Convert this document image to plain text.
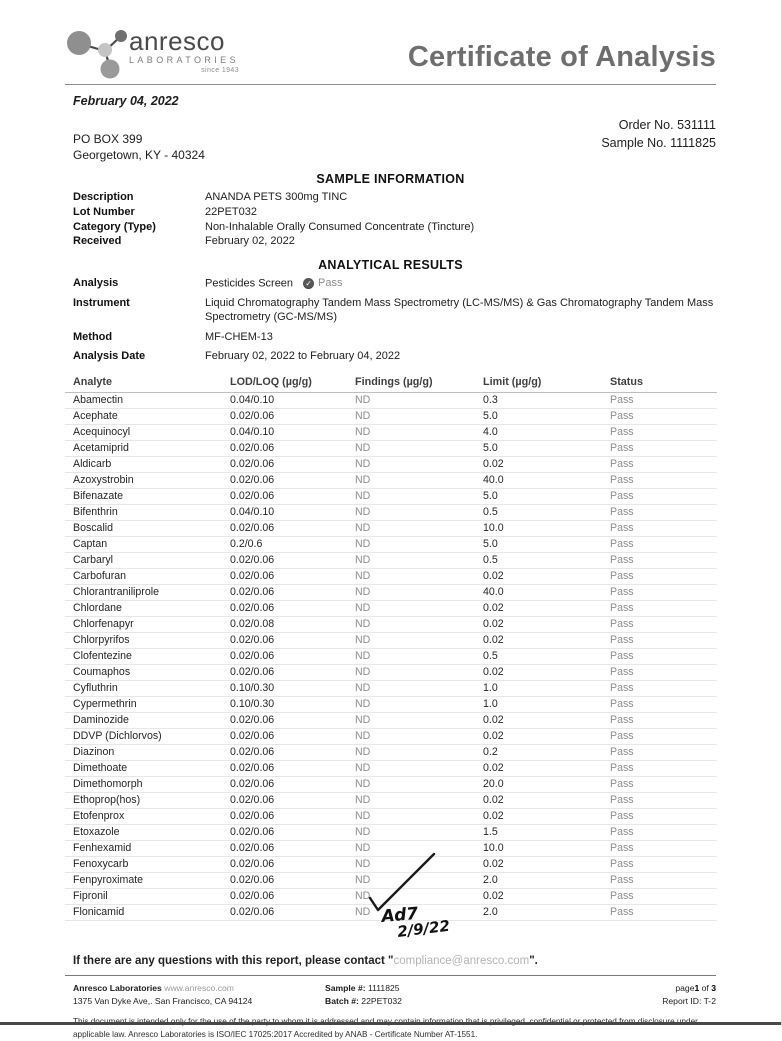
anresco
LABORATORIES
since 1943	Certificate of Analysis
February 04, 2022
Order No. 531111
Sample No. 1111825
PO BOX 399
Georgetown, KY - 40324
SAMPLE INFORMATION
Description	ANANDA PETS 300mg TINC
Lot Number	22PET032
Category (Type)	Non-Inhalable Orally Consumed Concentrate (Tincture)
Received	February 02, 2022
ANALYTICAL RESULTS
Analysis	Pesticides Screen ✓ Pass
Instrument	Liquid Chromatography Tandem Mass Spectrometry (LC-MS/MS) & Gas Chromatography Tandem Mass Spectrometry (GC-MS/MS)
Method	MF-CHEM-13
Analysis Date	February 02, 2022 to February 04, 2022
Analyte	LOD/LOQ (µg/g)	Findings (µg/g)	Limit (µg/g)	Status
Abamectin	0.04/0.10	ND	0.3	Pass
Acephate	0.02/0.06	ND	5.0	Pass
Acequinocyl	0.04/0.10	ND	4.0	Pass
Acetamiprid	0.02/0.06	ND	5.0	Pass
Aldicarb	0.02/0.06	ND	0.02	Pass
Azoxystrobin	0.02/0.06	ND	40.0	Pass
Bifenazate	0.02/0.06	ND	5.0	Pass
Bifenthrin	0.04/0.10	ND	0.5	Pass
Boscalid	0.02/0.06	ND	10.0	Pass
Captan	0.2/0.6	ND	5.0	Pass
Carbaryl	0.02/0.06	ND	0.5	Pass
Carbofuran	0.02/0.06	ND	0.02	Pass
Chlorantraniliprole	0.02/0.06	ND	40.0	Pass
Chlordane	0.02/0.06	ND	0.02	Pass
Chlorfenapyr	0.02/0.08	ND	0.02	Pass
Chlorpyrifos	0.02/0.06	ND	0.02	Pass
Clofentezine	0.02/0.06	ND	0.5	Pass
Coumaphos	0.02/0.06	ND	0.02	Pass
Cyfluthrin	0.10/0.30	ND	1.0	Pass
Cypermethrin	0.10/0.30	ND	1.0	Pass
Daminozide	0.02/0.06	ND	0.02	Pass
DDVP (Dichlorvos)	0.02/0.06	ND	0.02	Pass
Diazinon	0.02/0.06	ND	0.2	Pass
Dimethoate	0.02/0.06	ND	0.02	Pass
Dimethomorph	0.02/0.06	ND	20.0	Pass
Ethoprop(hos)	0.02/0.06	ND	0.02	Pass
Etofenprox	0.02/0.06	ND	0.02	Pass
Etoxazole	0.02/0.06	ND	1.5	Pass
Fenhexamid	0.02/0.06	ND	10.0	Pass
Fenoxycarb	0.02/0.06	ND	0.02	Pass
Fenpyroximate	0.02/0.06	ND	2.0	Pass
Fipronil	0.02/0.06	ND	0.02	Pass
Flonicamid	0.02/0.06	ND	2.0	Pass
If there are any questions with this report, please contact "compliance@anresco.com".
Ad7
2/9/22
Anresco Laboratories www.anresco.com
1375 Van Dyke Ave,. San Francisco, CA 94124
Sample #: 1111825
Batch #: 22PET032
page1 of 3
Report ID: T-2
applicable law. Anresco Laboratories is ISO/IEC 17025:2017 Accredited by ANAB - Certificate Number AT-1551.
